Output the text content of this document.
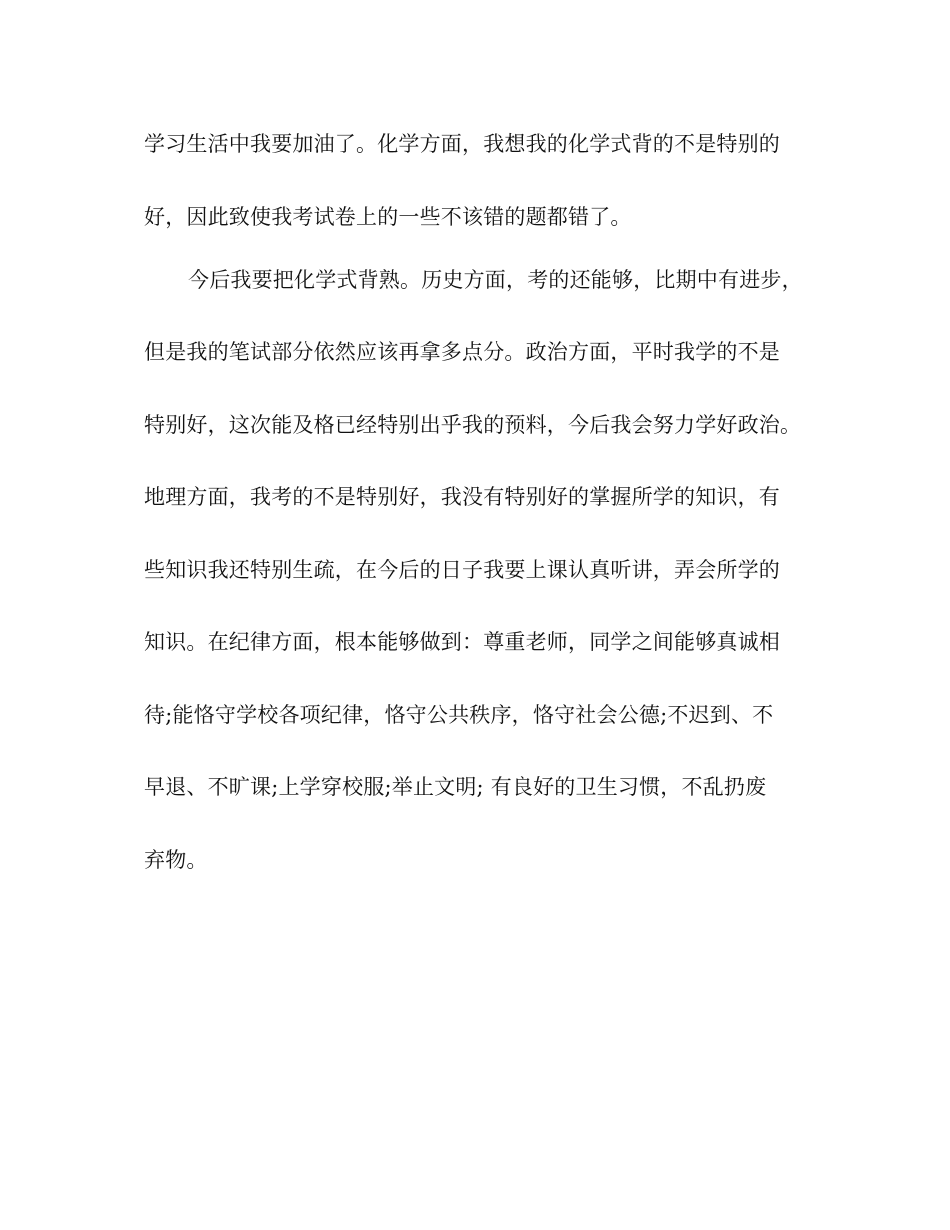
学习生活中我要加油了。化学方面，我想我的化学式背的不是特别的
好，因此致使我考试卷上的一些不该错的题都错了。
今后我要把化学式背熟。历史方面，考的还能够，比期中有进步，
但是我的笔试部分依然应该再拿多点分。政治方面，平时我学的不是
特别好，这次能及格已经特别出乎我的预料，今后我会努力学好政治。
地理方面，我考的不是特别好，我没有特别好的掌握所学的知识，有
些知识我还特别生疏，在今后的日子我要上课认真听讲，弄会所学的
知识。在纪律方面，根本能够做到：尊重老师，同学之间能够真诚相
待;能恪守学校各项纪律，恪守公共秩序，恪守社会公德;不迟到、不
早退、不旷课;上学穿校服;举止文明; 有良好的卫生习惯，不乱扔废
弃物。
